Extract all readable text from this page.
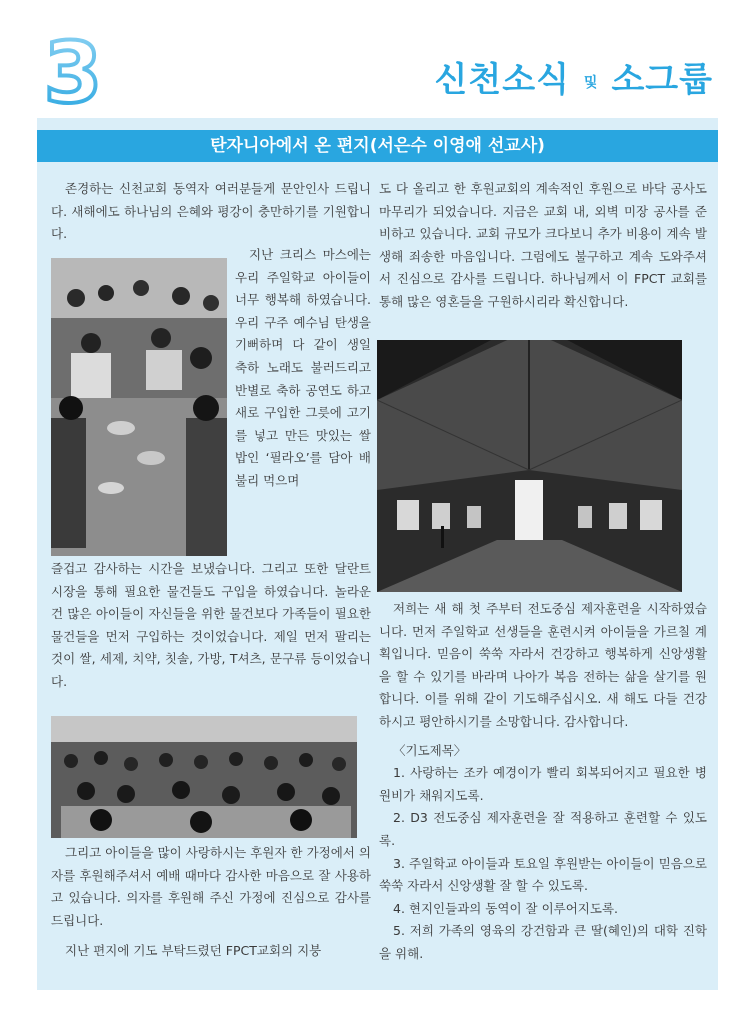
3	신천소식 및 소그룹
탄자니아에서 온 편지(서은수 이영애 선교사)

존경하는 신천교회 동역자 여러분들게 문안인사 드립니다. 새해에도 하나님의 은혜와 평강이 충만하기를 기원합니다.

지난 크리스 마스에는 우리 주일학교 아이들이 너무 행복해 하였습니다. 우리 구주 예수님 탄생을 기뻐하며 다 같이 생일 축하 노래도 불러드리고 반별로 축하 공연도 하고 새로 구입한 그릇에 고기를 넣고 만든 맛있는 쌀밥인 ‘필라오’를 담아 배불리 먹으며

즐겁고 감사하는 시간을 보냈습니다. 그리고 또한 달란트 시장을 통해 필요한 물건들도 구입을 하였습니다. 놀라운 건 많은 아이들이 자신들을 위한 물건보다 가족들이 필요한 물건들을 먼저 구입하는 것이었습니다. 제일 먼저 팔리는 것이 쌀, 세제, 치약, 칫솔, 가방, T셔츠, 문구류 등이었습니다.

그리고 아이들을 많이 사랑하시는 후원자 한 가정에서 의자를 후원해주셔서 예배 때마다 감사한 마음으로 잘 사용하고 있습니다. 의자를 후원해 주신 가정에 진심으로 감사를 드립니다.

지난 편지에 기도 부탁드렸던 FPCT교회의 지붕

도 다 올리고 한 후원교회의 계속적인 후원으로 바닥 공사도 마무리가 되었습니다. 지금은 교회 내, 외벽 미장 공사를 준비하고 있습니다. 교회 규모가 크다보니 추가 비용이 계속 발생해 죄송한 마음입니다. 그럼에도 불구하고 계속 도와주셔서 진심으로 감사를 드립니다. 하나님께서 이 FPCT 교회를 통해 많은 영혼들을 구원하시리라 확신합니다.

저희는 새 해 첫 주부터 전도중심 제자훈련을 시작하였습니다. 먼저 주일학교 선생들을 훈련시켜 아이들을 가르칠 계획입니다. 믿음이 쑥쑥 자라서 건강하고 행복하게 신앙생활을 할 수 있기를 바라며 나아가 복음 전하는 삶을 살기를 원합니다. 이를 위해 같이 기도해주십시오. 새 해도 다들 건강하시고 평안하시기를 소망합니다. 감사합니다.

〈기도제목〉

1. 사랑하는 조카 예경이가 빨리 회복되어지고 필요한 병원비가 채워지도록.

2. D3 전도중심 제자훈련을 잘 적용하고 훈련할 수 있도록.

3. 주일학교 아이들과 토요일 후원받는 아이들이 믿음으로 쑥쑥 자라서 신앙생활 잘 할 수 있도록.

4. 현지인들과의 동역이 잘 이루어지도록.

5. 저희 가족의 영육의 강건함과 큰 딸(혜인)의 대학 진학을 위해.
